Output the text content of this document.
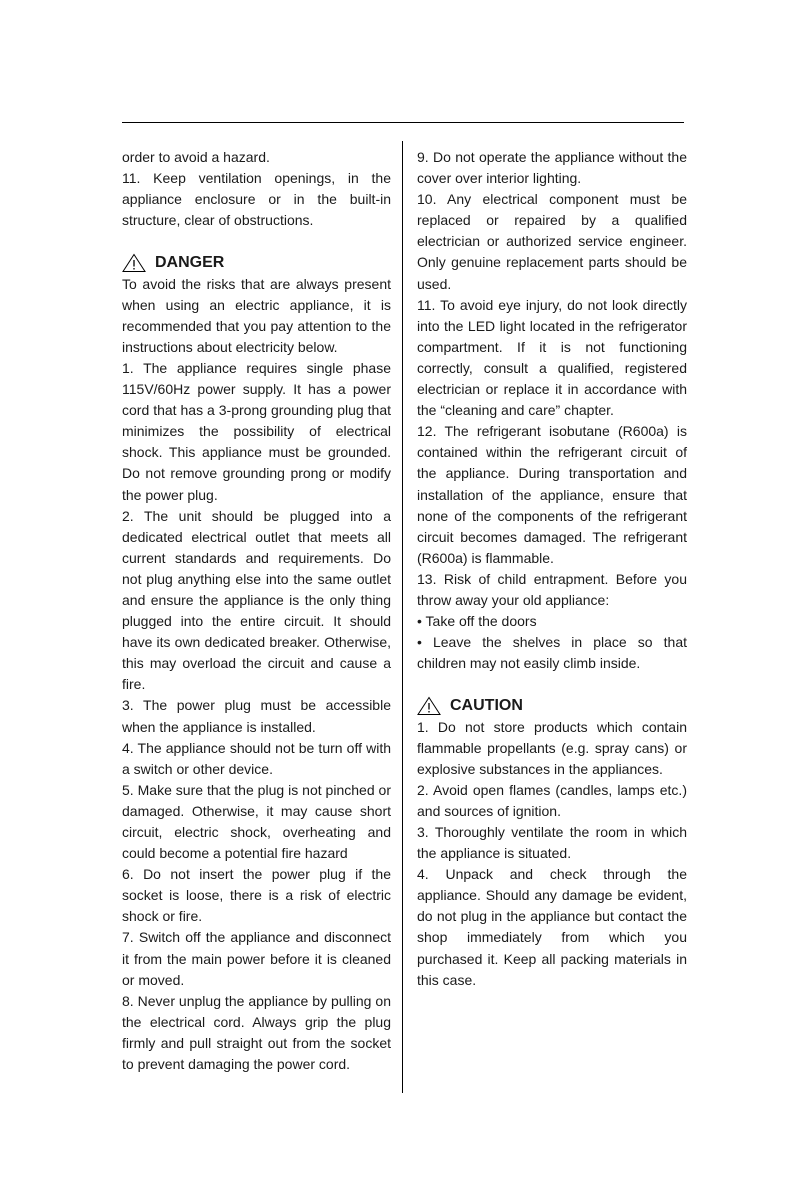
order to avoid a hazard.

11. Keep ventilation openings, in the appliance enclosure or in the built-in structure, clear of obstructions.

DANGER

To avoid the risks that are always present when using an electric appliance, it is recommended that you pay attention to the instructions about electricity below.

1. The appliance requires single phase 115V/60Hz power supply. It has a power cord that has a 3-prong grounding plug that minimizes the possibility of electrical shock. This appliance must be grounded. Do not remove grounding prong or modify the power plug.

2. The unit should be plugged into a dedicated electrical outlet that meets all current standards and requirements. Do not plug anything else into the same outlet and ensure the appliance is the only thing plugged into the entire circuit. It should have its own dedicated breaker. Otherwise, this may overload the circuit and cause a fire.

3. The power plug must be accessible when the appliance is installed.

4. The appliance should not be turn off with a switch or other device.

5. Make sure that the plug is not pinched or damaged. Otherwise, it may cause short circuit, electric shock, overheating and could become a potential fire hazard

6. Do not insert the power plug if the socket is loose, there is a risk of electric shock or fire.

7. Switch off the appliance and disconnect it from the main power before it is cleaned or moved.

8. Never unplug the appliance by pulling on the electrical cord. Always grip the plug firmly and pull straight out from the socket to prevent damaging the power cord.

9. Do not operate the appliance without the cover over interior lighting.

10. Any electrical component must be replaced or repaired by a qualified electrician or authorized service engineer. Only genuine replacement parts should be used.

11. To avoid eye injury, do not look directly into the LED light located in the refrigerator compartment. If it is not functioning correctly, consult a qualified, registered electrician or replace it in accordance with the “cleaning and care” chapter.

12. The refrigerant isobutane (R600a) is contained within the refrigerant circuit of the appliance. During transportation and installation of the appliance, ensure that none of the components of the refrigerant circuit becomes damaged. The refrigerant (R600a) is flammable.

13. Risk of child entrapment. Before you throw away your old appliance:

• Take off the doors

• Leave the shelves in place so that children may not easily climb inside.

CAUTION

1. Do not store products which contain flammable propellants (e.g. spray cans) or explosive substances in the appliances.

2. Avoid open flames (candles, lamps etc.) and sources of ignition.

3. Thoroughly ventilate the room in which the appliance is situated.

4. Unpack and check through the appliance. Should any damage be evident, do not plug in the appliance but contact the shop immediately from which you purchased it. Keep all packing materials in this case.
